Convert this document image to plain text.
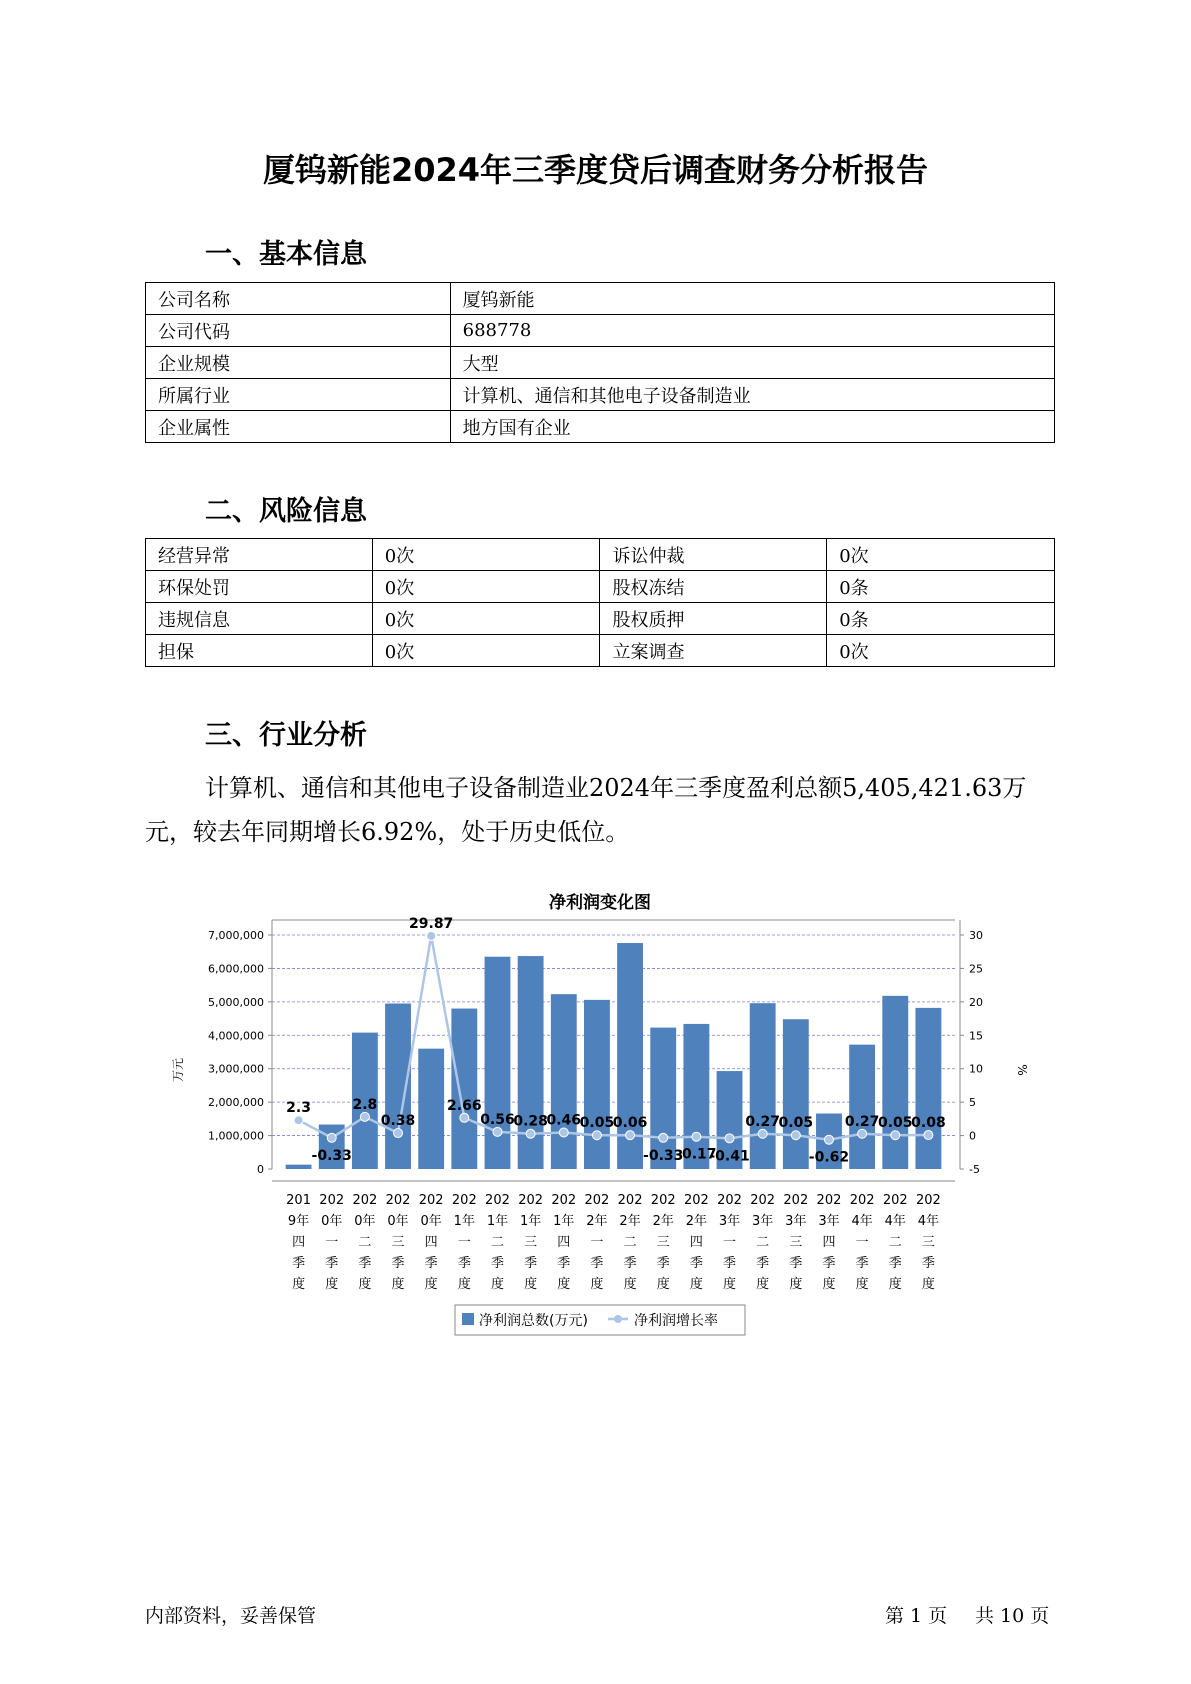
厦钨新能2024年三季度贷后调查财务分析报告
一、基本信息
公司名称	厦钨新能
公司代码	688778
企业规模	大型
所属行业	计算机、通信和其他电子设备制造业
企业属性	地方国有企业
二、风险信息
经营异常	0次	诉讼仲裁	0次
环保处罚	0次	股权冻结	0条
违规信息	0次	股权质押	0条
担保	0次	立案调查	0次
三、行业分析

计算机、通信和其他电子设备制造业2024年三季度盈利总额5,405,421.63万元，较去年同期增长6.92%，处于历史低位。

净利润变化图
0
1,000,000
2,000,000
3,000,000
4,000,000
5,000,000
6,000,000
7,000,000
-5
0
5
10
15
20
25
30
万元	%
2.3
-0.33
2.8
0.38
29.87
2.66
0.56
0.28
0.46
0.05
0.06
-0.33
-0.17
-0.41
0.27
0.05
-0.62
0.27
0.05
0.08
201 9年四季度
202 0年一季度
202 0年二季度
202 0年三季度
202 0年四季度
202 1年一季度
202 1年二季度
202 1年三季度
202 1年四季度
202 2年一季度
202 2年二季度
202 2年三季度
202 2年四季度
202 3年一季度
202 3年二季度
202 3年三季度
202 3年四季度
202 4年一季度
202 4年二季度
202 4年三季度
净利润总数(万元)	净利润增长率
内部资料，妥善保管	第 1 页 共 10 页
